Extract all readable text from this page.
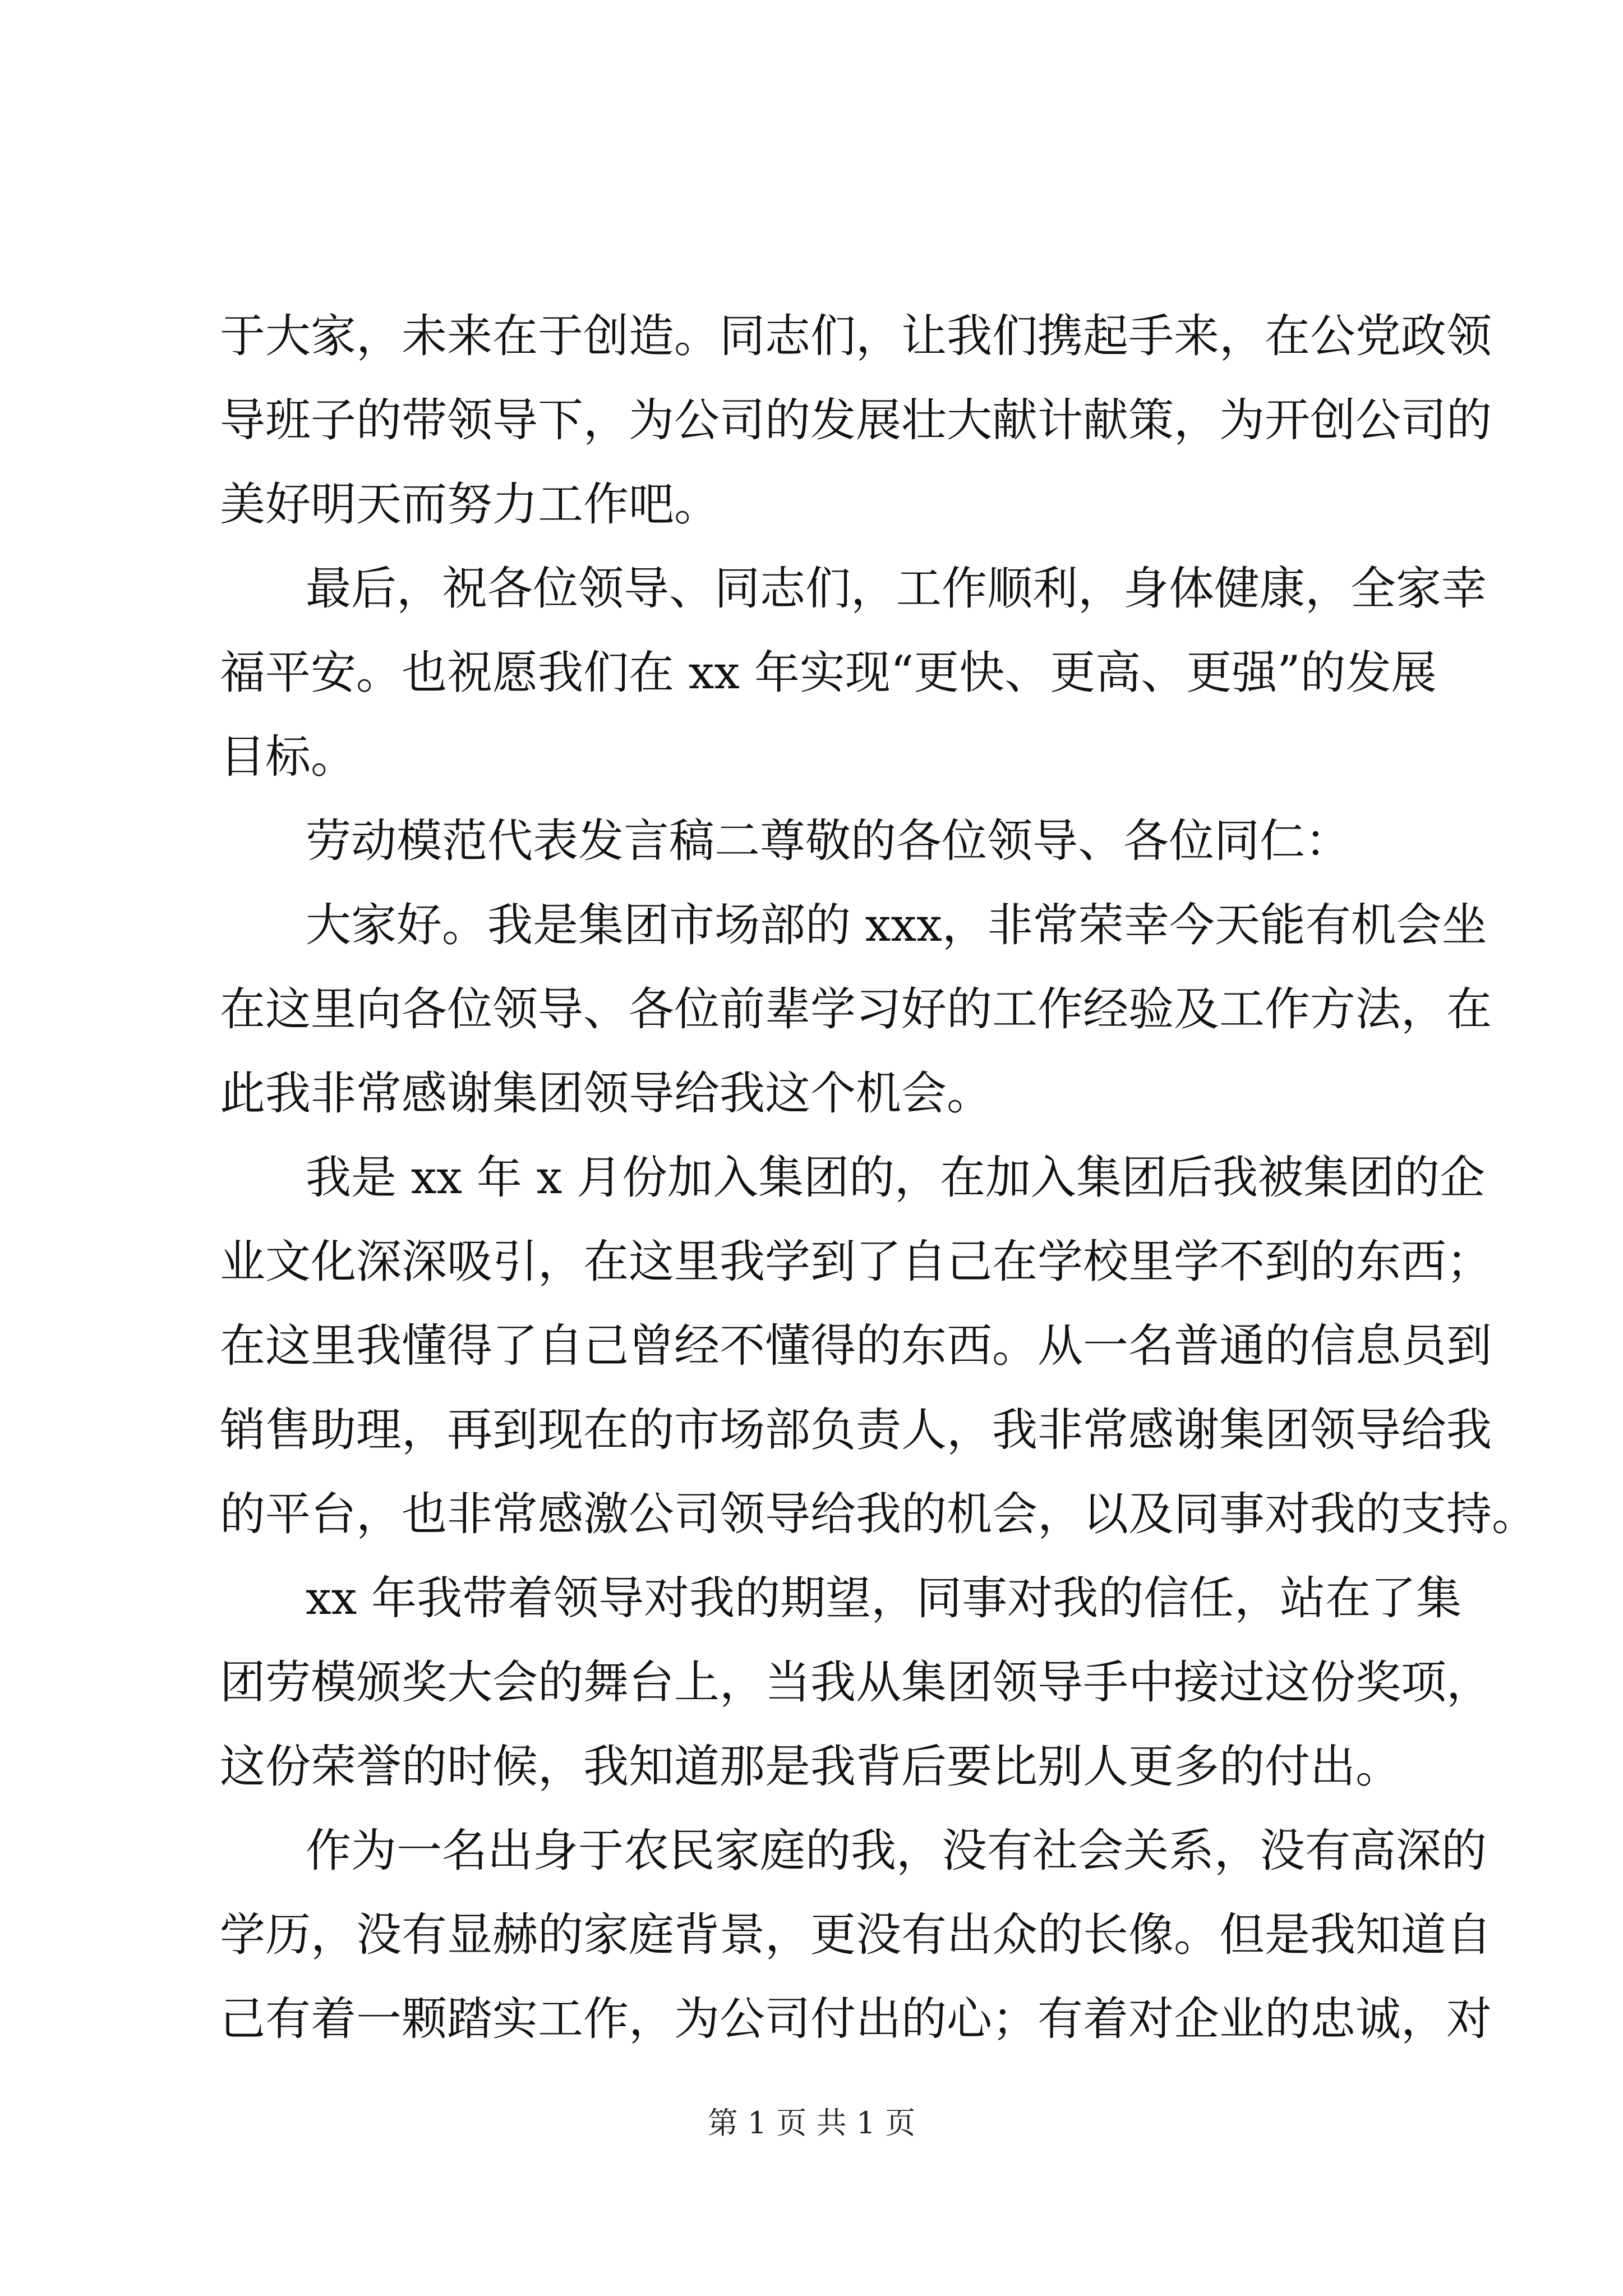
于大家，未来在于创造。同志们，让我们携起手来，在公党政领
导班子的带领导下，为公司的发展壮大献计献策，为开创公司的
美好明天而努力工作吧。
最后，祝各位领导、同志们，工作顺利，身体健康，全家幸
福平安。也祝愿我们在 xx 年实现“更快、更高、更强”的发展
目标。
劳动模范代表发言稿二尊敬的各位领导、各位同仁：
大家好。我是集团市场部的 xxx，非常荣幸今天能有机会坐
在这里向各位领导、各位前辈学习好的工作经验及工作方法，在
此我非常感谢集团领导给我这个机会。
我是 xx 年 x 月份加入集团的，在加入集团后我被集团的企
业文化深深吸引，在这里我学到了自己在学校里学不到的东西；
在这里我懂得了自己曾经不懂得的东西。从一名普通的信息员到
销售助理，再到现在的市场部负责人，我非常感谢集团领导给我
的平台，也非常感激公司领导给我的机会，以及同事对我的支持。
xx 年我带着领导对我的期望，同事对我的信任，站在了集
团劳模颁奖大会的舞台上，当我从集团领导手中接过这份奖项，
这份荣誉的时候，我知道那是我背后要比别人更多的付出。
作为一名出身于农民家庭的我，没有社会关系，没有高深的
学历，没有显赫的家庭背景，更没有出众的长像。但是我知道自
己有着一颗踏实工作，为公司付出的心；有着对企业的忠诚，对
第 1 页 共 1 页
